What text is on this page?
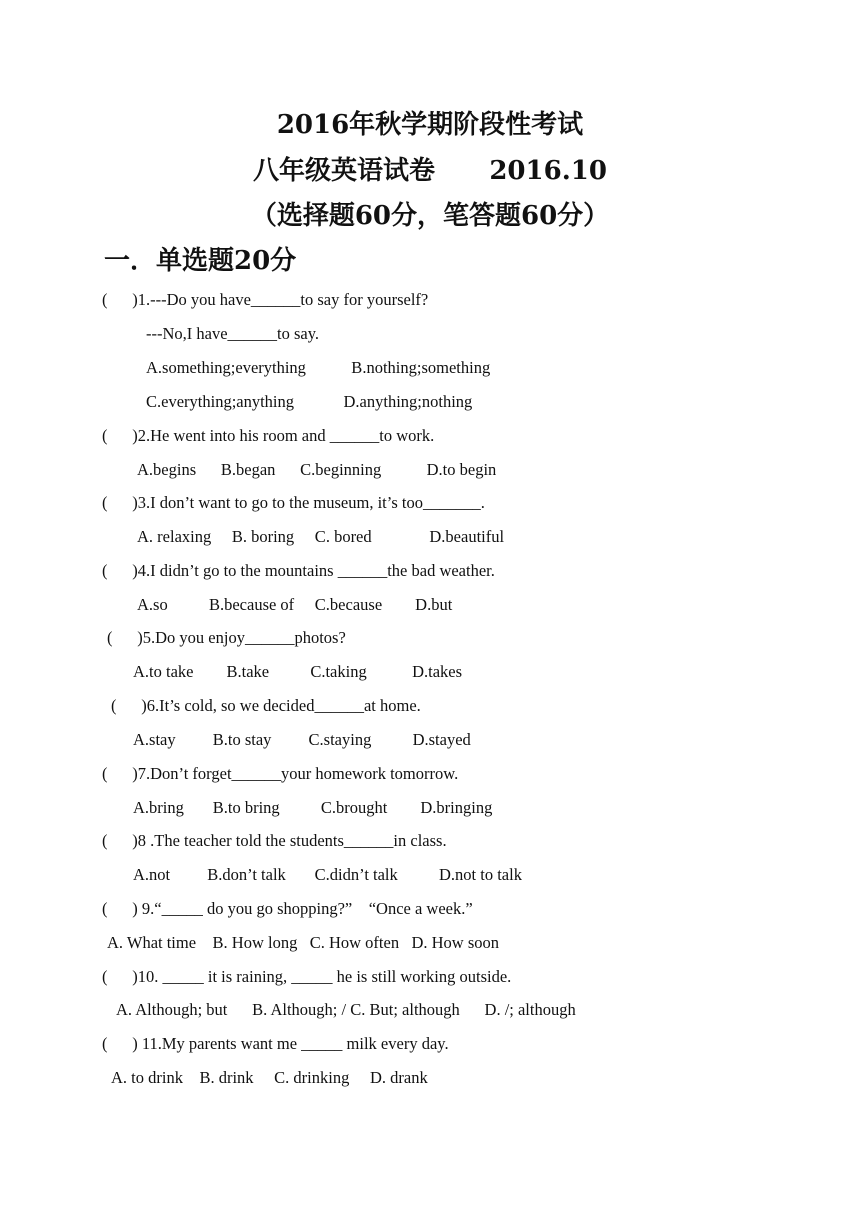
2016年秋学期阶段性考试
八年级英语试卷      2016.10
（选择题60分，笔答题60分）
一．单选题20分
(      )1.---Do you have______to say for yourself?
---No,I have______to say.
A.something;everything           B.nothing;something
C.everything;anything            D.anything;nothing
(      )2.He went into his room and ______to work.
A.begins      B.began      C.beginning           D.to begin
(      )3.I don’t want to go to the museum, it’s too_______.
A. relaxing     B. boring     C. bored              D.beautiful
(      )4.I didn’t go to the mountains ______the bad weather.
A.so          B.because of     C.because        D.but
(      )5.Do you enjoy______photos?
A.to take        B.take          C.taking           D.takes
(      )6.It’s cold, so we decided______at home.
A.stay         B.to stay         C.staying          D.stayed
(      )7.Don’t forget______your homework tomorrow.
A.bring       B.to bring          C.brought        D.bringing
(      )8 .The teacher told the students______in class.
A.not         B.don’t talk       C.didn’t talk          D.not to talk
(      ) 9.“_____ do you go shopping?”    “Once a week.”
A. What time    B. How long   C. How often   D. How soon
(      )10. _____ it is raining, _____ he is still working outside.
A. Although; but      B. Although; / C. But; although      D. /; although
(      ) 11.My parents want me _____ milk every day.
A. to drink    B. drink     C. drinking     D. drank
